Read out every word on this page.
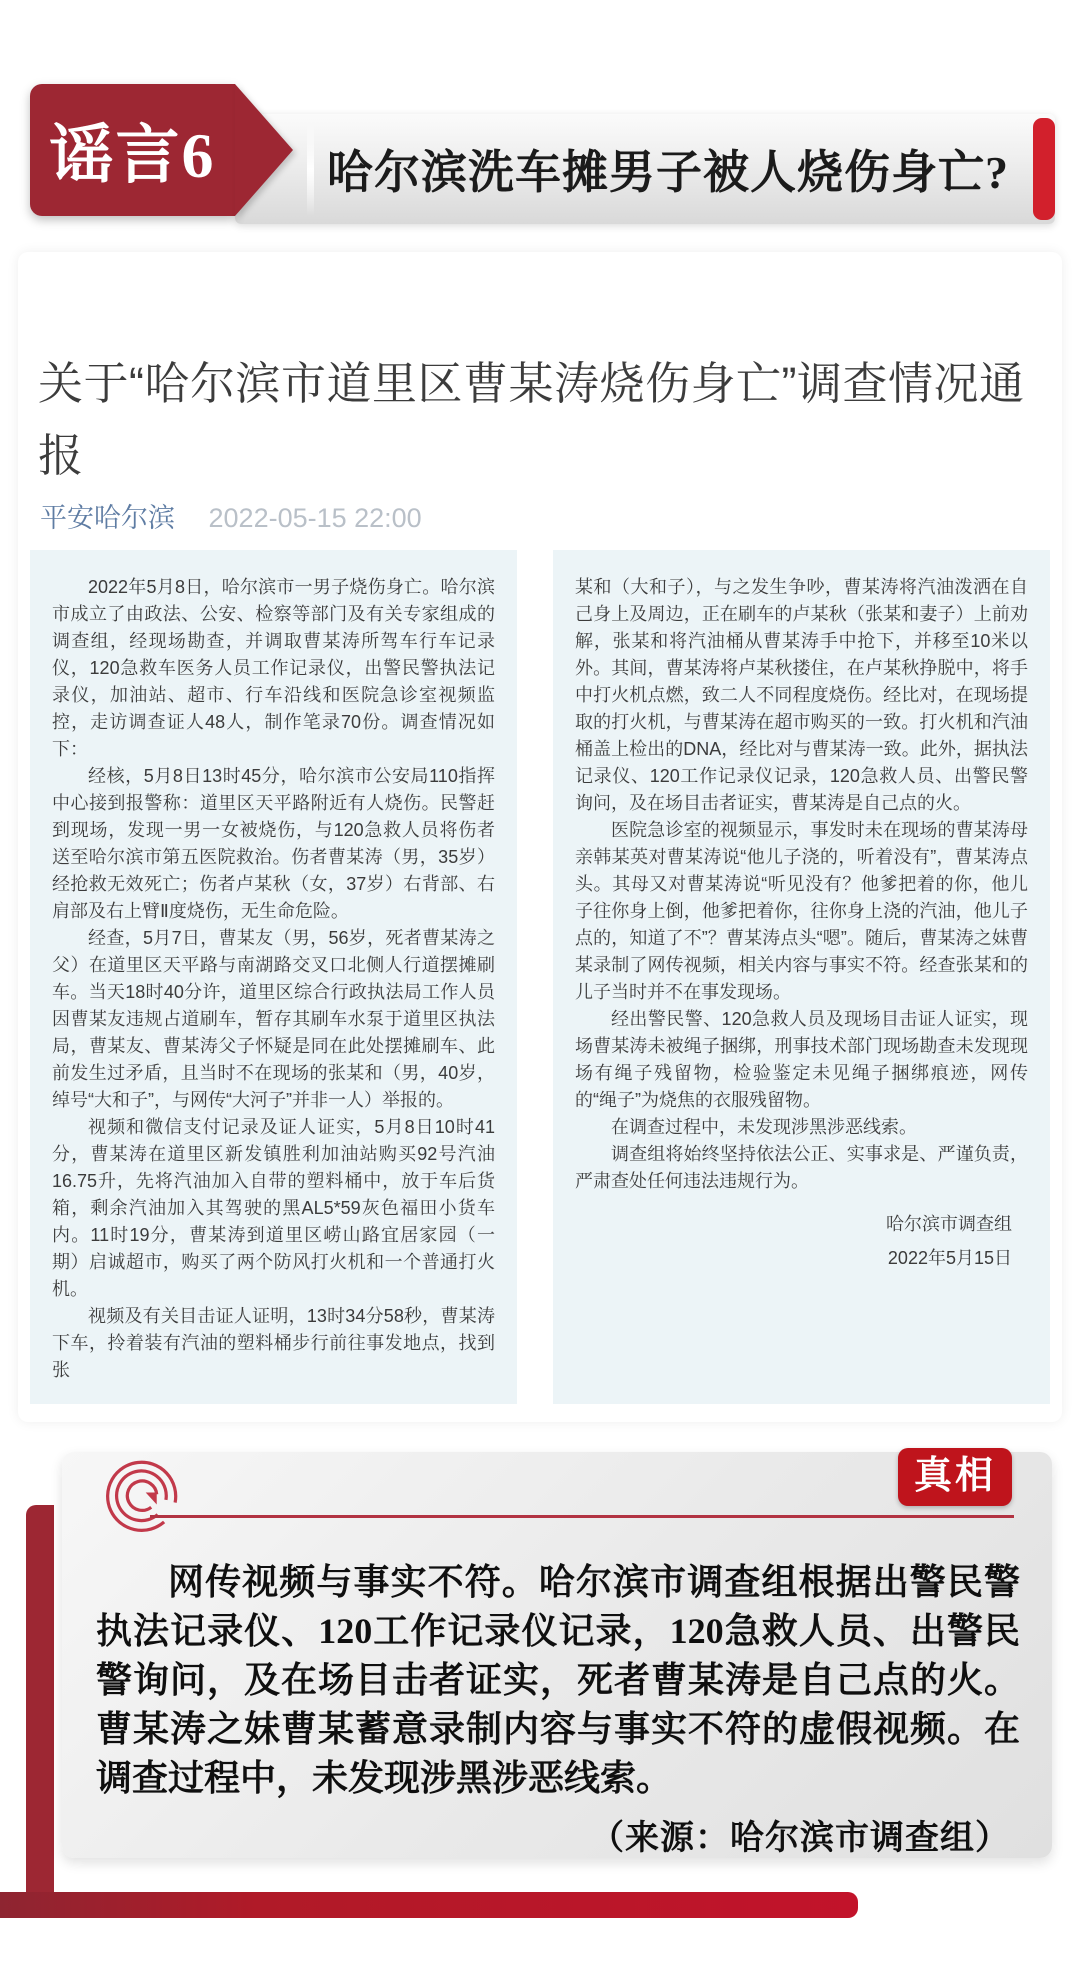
哈尔滨洗车摊男子被人烧伤身亡?
谣言6
关于“哈尔滨市道里区曹某涛烧伤身亡”调查情况通报
平安哈尔滨 2022-05-15 22:00

2022年5月8日，哈尔滨市一男子烧伤身亡。哈尔滨市成立了由政法、公安、检察等部门及有关专家组成的调查组，经现场勘查，并调取曹某涛所驾车行车记录仪，120急救车医务人员工作记录仪，出警民警执法记录仪，加油站、超市、行车沿线和医院急诊室视频监控，走访调查证人48人，制作笔录70份。调查情况如下：

经核，5月8日13时45分，哈尔滨市公安局110指挥中心接到报警称：道里区天平路附近有人烧伤。民警赶到现场，发现一男一女被烧伤，与120急救人员将伤者送至哈尔滨市第五医院救治。伤者曹某涛（男，35岁）经抢救无效死亡；伤者卢某秋（女，37岁）右背部、右肩部及右上臂Ⅱ度烧伤，无生命危险。

经查，5月7日，曹某友（男，56岁，死者曹某涛之父）在道里区天平路与南湖路交叉口北侧人行道摆摊刷车。当天18时40分许，道里区综合行政执法局工作人员因曹某友违规占道刷车，暂存其刷车水泵于道里区执法局，曹某友、曹某涛父子怀疑是同在此处摆摊刷车、此前发生过矛盾，且当时不在现场的张某和（男，40岁，绰号“大和子”，与网传“大河子”并非一人）举报的。

视频和微信支付记录及证人证实，5月8日10时41分，曹某涛在道里区新发镇胜利加油站购买92号汽油16.75升，先将汽油加入自带的塑料桶中，放于车后货箱，剩余汽油加入其驾驶的黑AL5*59灰色福田小货车内。11时19分，曹某涛到道里区崂山路宜居家园（一期）启诚超市，购买了两个防风打火机和一个普通打火机。

视频及有关目击证人证明，13时34分58秒，曹某涛下车，拎着装有汽油的塑料桶步行前往事发地点，找到张

某和（大和子），与之发生争吵，曹某涛将汽油泼洒在自己身上及周边，正在刷车的卢某秋（张某和妻子）上前劝解，张某和将汽油桶从曹某涛手中抢下，并移至10米以外。其间，曹某涛将卢某秋搂住，在卢某秋挣脱中，将手中打火机点燃，致二人不同程度烧伤。经比对，在现场提取的打火机，与曹某涛在超市购买的一致。打火机和汽油桶盖上检出的DNA，经比对与曹某涛一致。此外，据执法记录仪、120工作记录仪记录，120急救人员、出警民警询问，及在场目击者证实，曹某涛是自己点的火。

医院急诊室的视频显示，事发时未在现场的曹某涛母亲韩某英对曹某涛说“他儿子浇的，听着没有”，曹某涛点头。其母又对曹某涛说“听见没有？他爹把着的你，他儿子往你身上倒，他爹把着你，往你身上浇的汽油，他儿子点的，知道了不”？曹某涛点头“嗯”。随后，曹某涛之妹曹某录制了网传视频，相关内容与事实不符。经查张某和的儿子当时并不在事发现场。

经出警民警、120急救人员及现场目击证人证实，现场曹某涛未被绳子捆绑，刑事技术部门现场勘查未发现现场有绳子残留物，检验鉴定未见绳子捆绑痕迹，网传的“绳子”为烧焦的衣服残留物。

在调查过程中，未发现涉黑涉恶线索。

调查组将始终坚持依法公正、实事求是、严谨负责，严肃查处任何违法违规行为。

哈尔滨市调查组

2022年5月15日

真相

网传视频与事实不符。哈尔滨市调查组根据出警民警执法记录仪、120工作记录仪记录，120急救人员、出警民警询问，及在场目击者证实，死者曹某涛是自己点的火。曹某涛之妹曹某蓄意录制内容与事实不符的虚假视频。在调查过程中，未发现涉黑涉恶线索。

（来源：哈尔滨市调查组）
